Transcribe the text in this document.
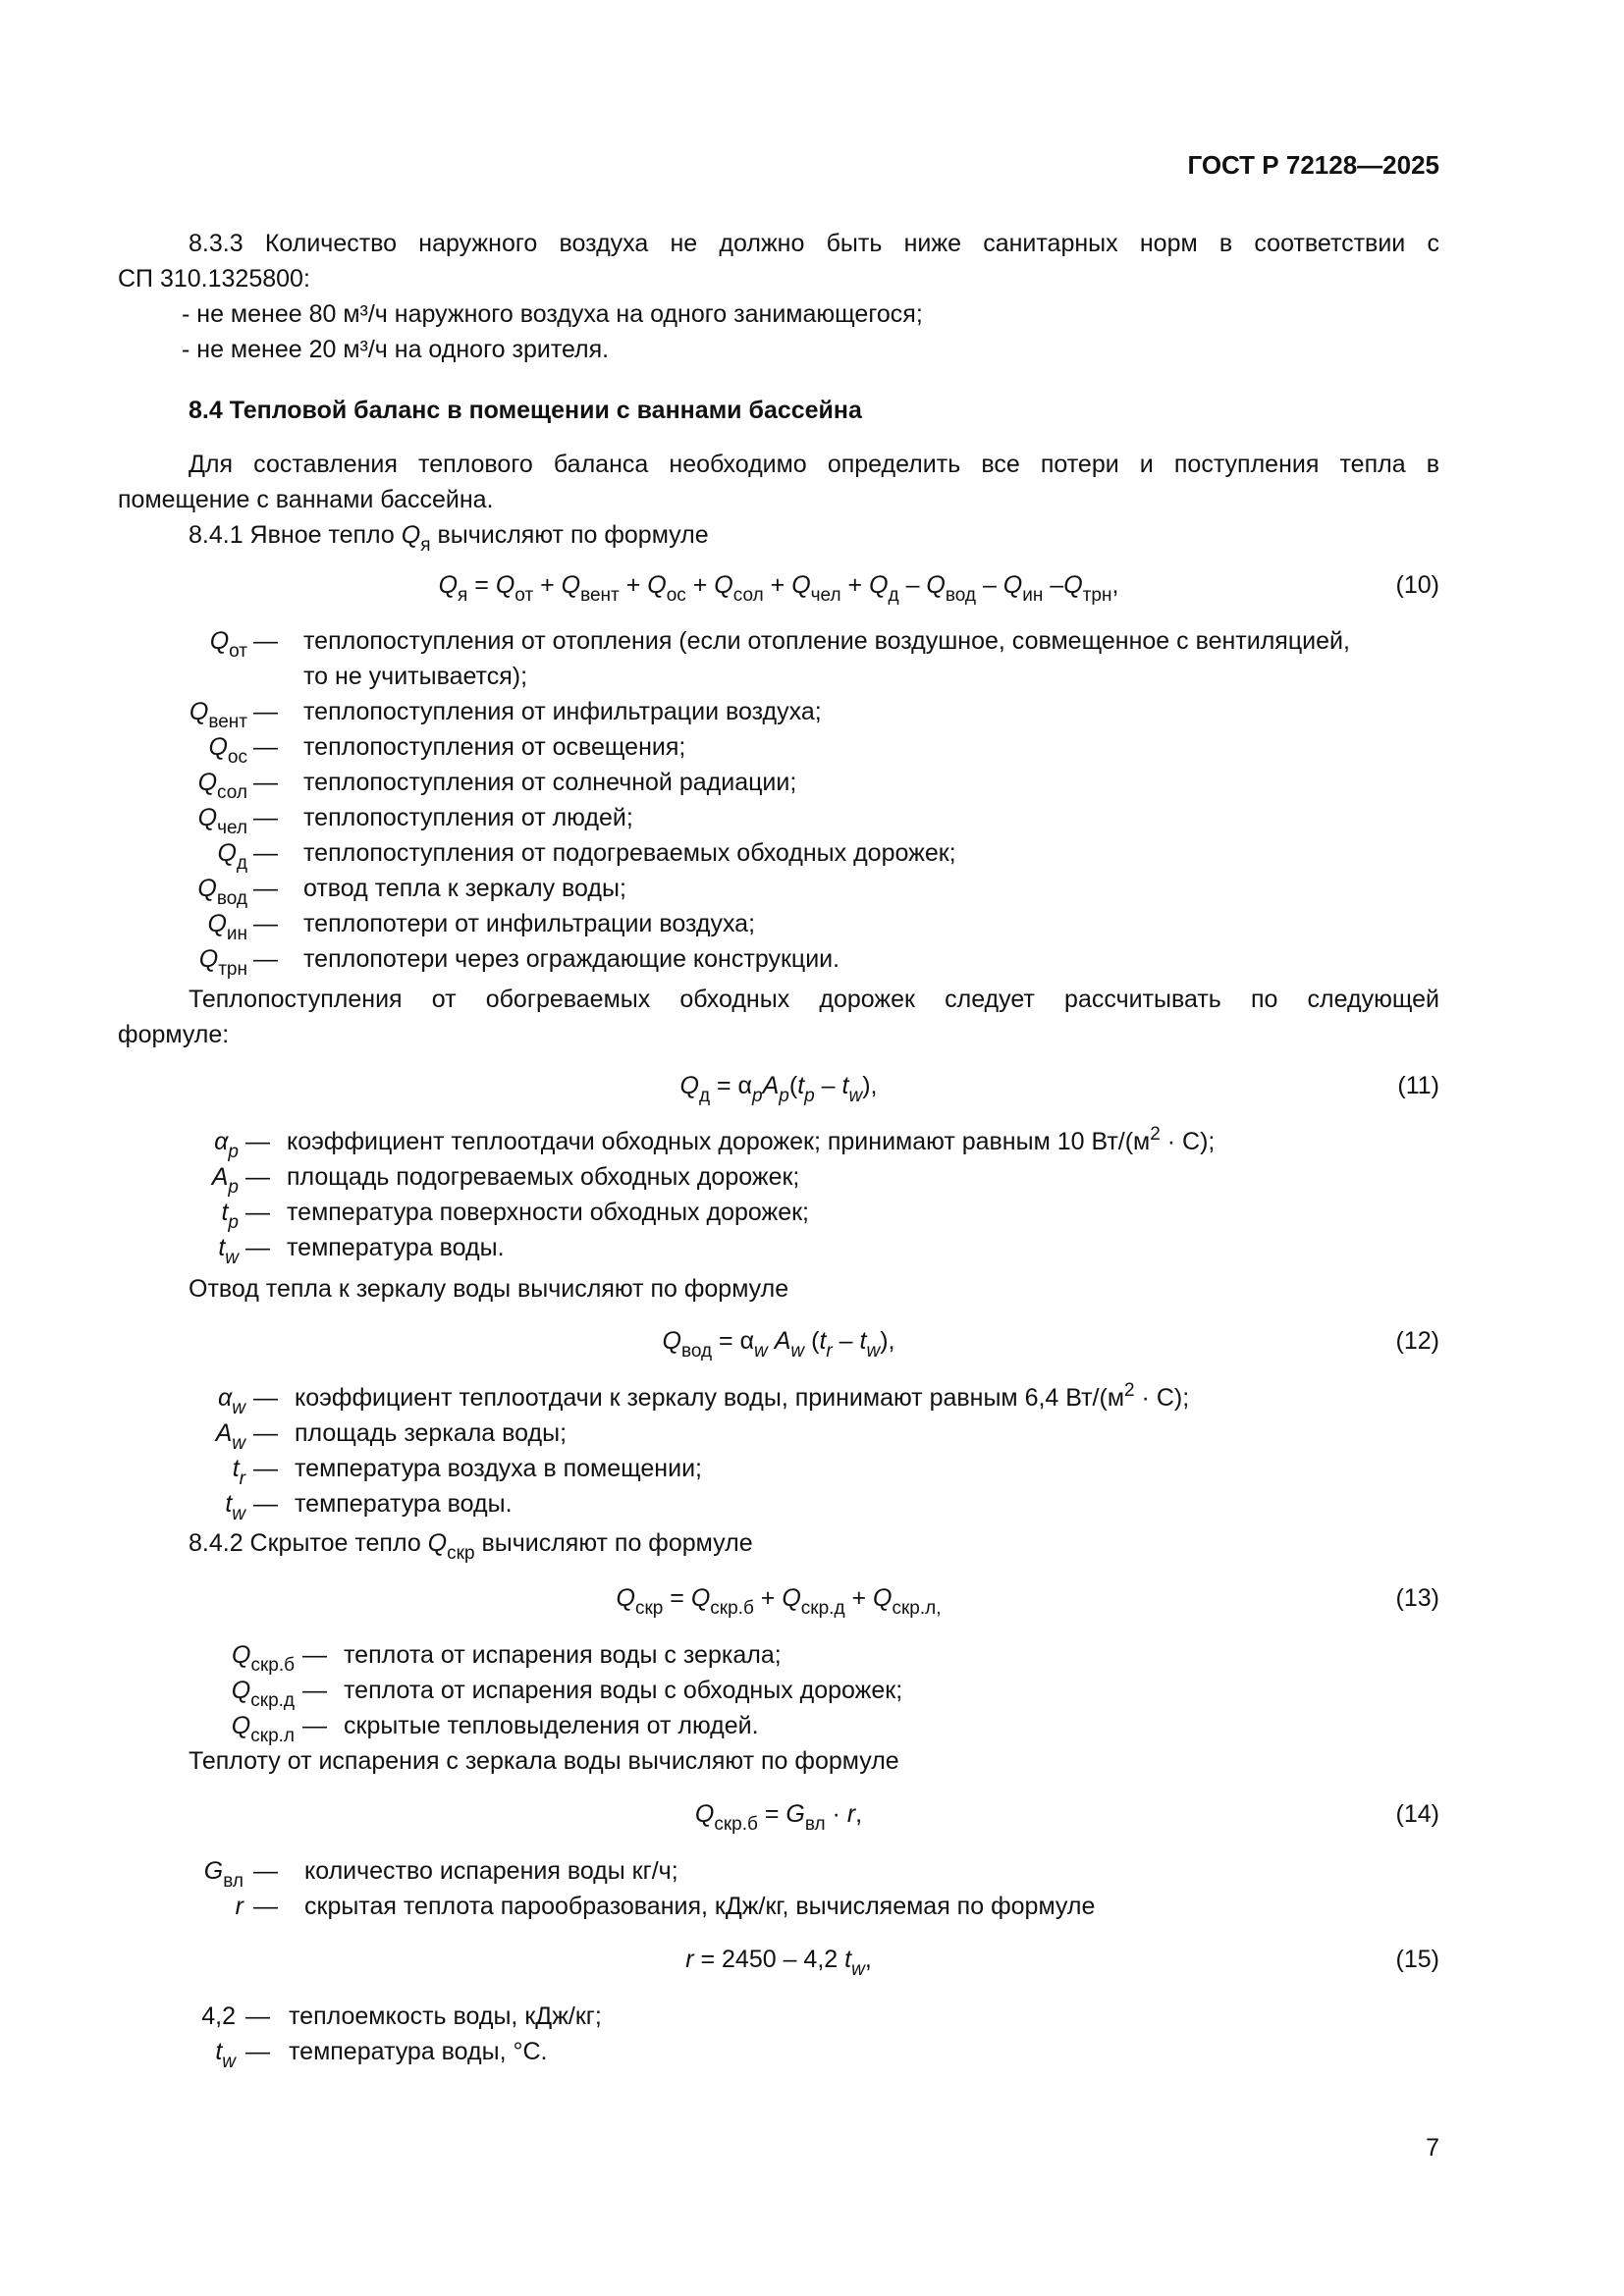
ГОСТ Р 72128—2025
8.3.3 Количество наружного воздуха не должно быть ниже санитарных норм в соответствии с
СП 310.1325800:
- не менее 80 м³/ч наружного воздуха на одного занимающегося;
- не менее 20 м³/ч на одного зрителя.
8.4 Тепловой баланс в помещении с ваннами бассейна
Для составления теплового баланса необходимо определить все потери и поступления тепла в
помещение с ваннами бассейна.
8.4.1 Явное тепло $Q_я$ вычисляют по формуле
$Q_я = Q_{от} + Q_{вент} + Q_{ос} + Q_{сол} + Q_{чел} + Q_д - Q_{вод} - Q_{ин}$ $-Q_{трн}$,	(10)
$Q_{от}$ — теплопоступления от отопления (если отопление воздушное, совмещенное с вентиляцией,
то не учитывается);
$Q_{вент}$ — теплопоступления от инфильтрации воздуха;
$Q_{ос}$ — теплопоступления от освещения;
$Q_{сол}$ — теплопоступления от солнечной радиации;
$Q_{чел}$ — теплопоступления от людей;
$Q_д$ — теплопоступления от подогреваемых обходных дорожек;
$Q_{вод}$ — отвод тепла к зеркалу воды;
$Q_{ин}$ — теплопотери от инфильтрации воздуха;
$Q_{трн}$ — теплопотери через ограждающие конструкции.
Теплопоступления от обогреваемых обходных дорожек следует рассчитывать по следующей
формуле:
$Q_д = \alpha_pA_p(t_p - t_w)$,	(11)
$\alpha_p$ — коэффициент теплоотдачи обходных дорожек; принимают равным 10 $Вт/(м^2 \cdot C)$;
$A_p$ — площадь подогреваемых обходных дорожек;
$t_p$ — температура поверхности обходных дорожек;
$t_w$ — температура воды.
Отвод тепла к зеркалу воды вычисляют по формуле
$Q_{вод} = \alpha_w$ $A_w$ $(t_r - t_w)$,	(12)
$\alpha_w$ — коэффициент теплоотдачи к зеркалу воды, принимают равным 6,4 $Вт/(м^2 \cdot C)$;
$A_w$ — площадь зеркала воды;
$t_r$ — температура воздуха в помещении;
$t_w$ — температура воды.
8.4.2 Скрытое тепло $Q_{скр}$ вычисляют по формуле
$Q_{скр} = Q_{скр.б} + Q_{скр.д} + Q_{скр.л,}$	(13)
$Q_{скр.б}$ — теплота от испарения воды с зеркала;
$Q_{скр.д}$ — теплота от испарения воды с обходных дорожек;
$Q_{скр.л}$ — скрытые тепловыделения от людей.
Теплоту от испарения с зеркала воды вычисляют по формуле
$Q_{скр.б} = G_{вл} \cdot r$,	(14)
$G_{вл}$ — количество испарения воды кг/ч;
r — скрытая теплота парообразования, кДж/кг, вычисляемая по формуле
r = 2450 – 4,2 $t_w$,	(15)
4,2 — теплоемкость воды, кДж/кг;
$t_w$ — температура воды, °С.
7
